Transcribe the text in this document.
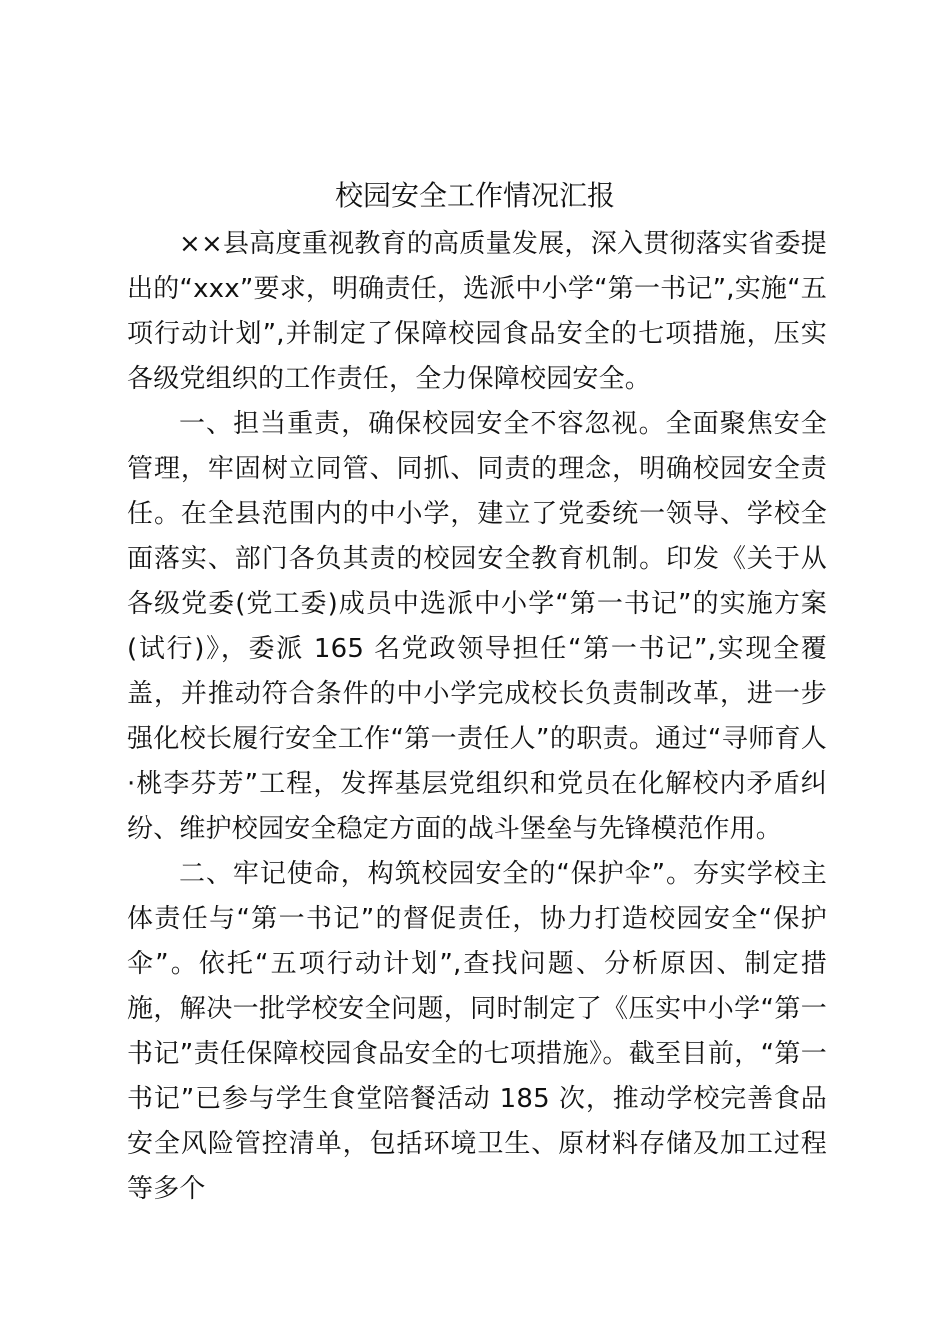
校园安全工作情况汇报

××县高度重视教育的高质量发展，深入贯彻落实省委提出的“xxx”要求，明确责任，选派中小学“第一书记”,实施“五项行动计划”,并制定了保障校园食品安全的七项措施，压实各级党组织的工作责任，全力保障校园安全。

一、担当重责，确保校园安全不容忽视。全面聚焦安全管理，牢固树立同管、同抓、同责的理念，明确校园安全责任。在全县范围内的中小学，建立了党委统一领导、学校全面落实、部门各负其责的校园安全教育机制。印发《关于从各级党委(党工委)成员中选派中小学“第一书记”的实施方案(试行)》，委派 165 名党政领导担任“第一书记”,实现全覆盖，并推动符合条件的中小学完成校长负责制改革，进一步强化校长履行安全工作“第一责任人”的职责。通过“寻师育人·桃李芬芳”工程，发挥基层党组织和党员在化解校内矛盾纠纷、维护校园安全稳定方面的战斗堡垒与先锋模范作用。

二、牢记使命，构筑校园安全的“保护伞”。夯实学校主体责任与“第一书记”的督促责任，协力打造校园安全“保护伞”。依托“五项行动计划”,查找问题、分析原因、制定措施，解决一批学校安全问题，同时制定了《压实中小学“第一书记”责任保障校园食品安全的七项措施》。截至目前，“第一书记”已参与学生食堂陪餐活动 185 次，推动学校完善食品安全风险管控清单，包括环境卫生、原材料存储及加工过程等多个
